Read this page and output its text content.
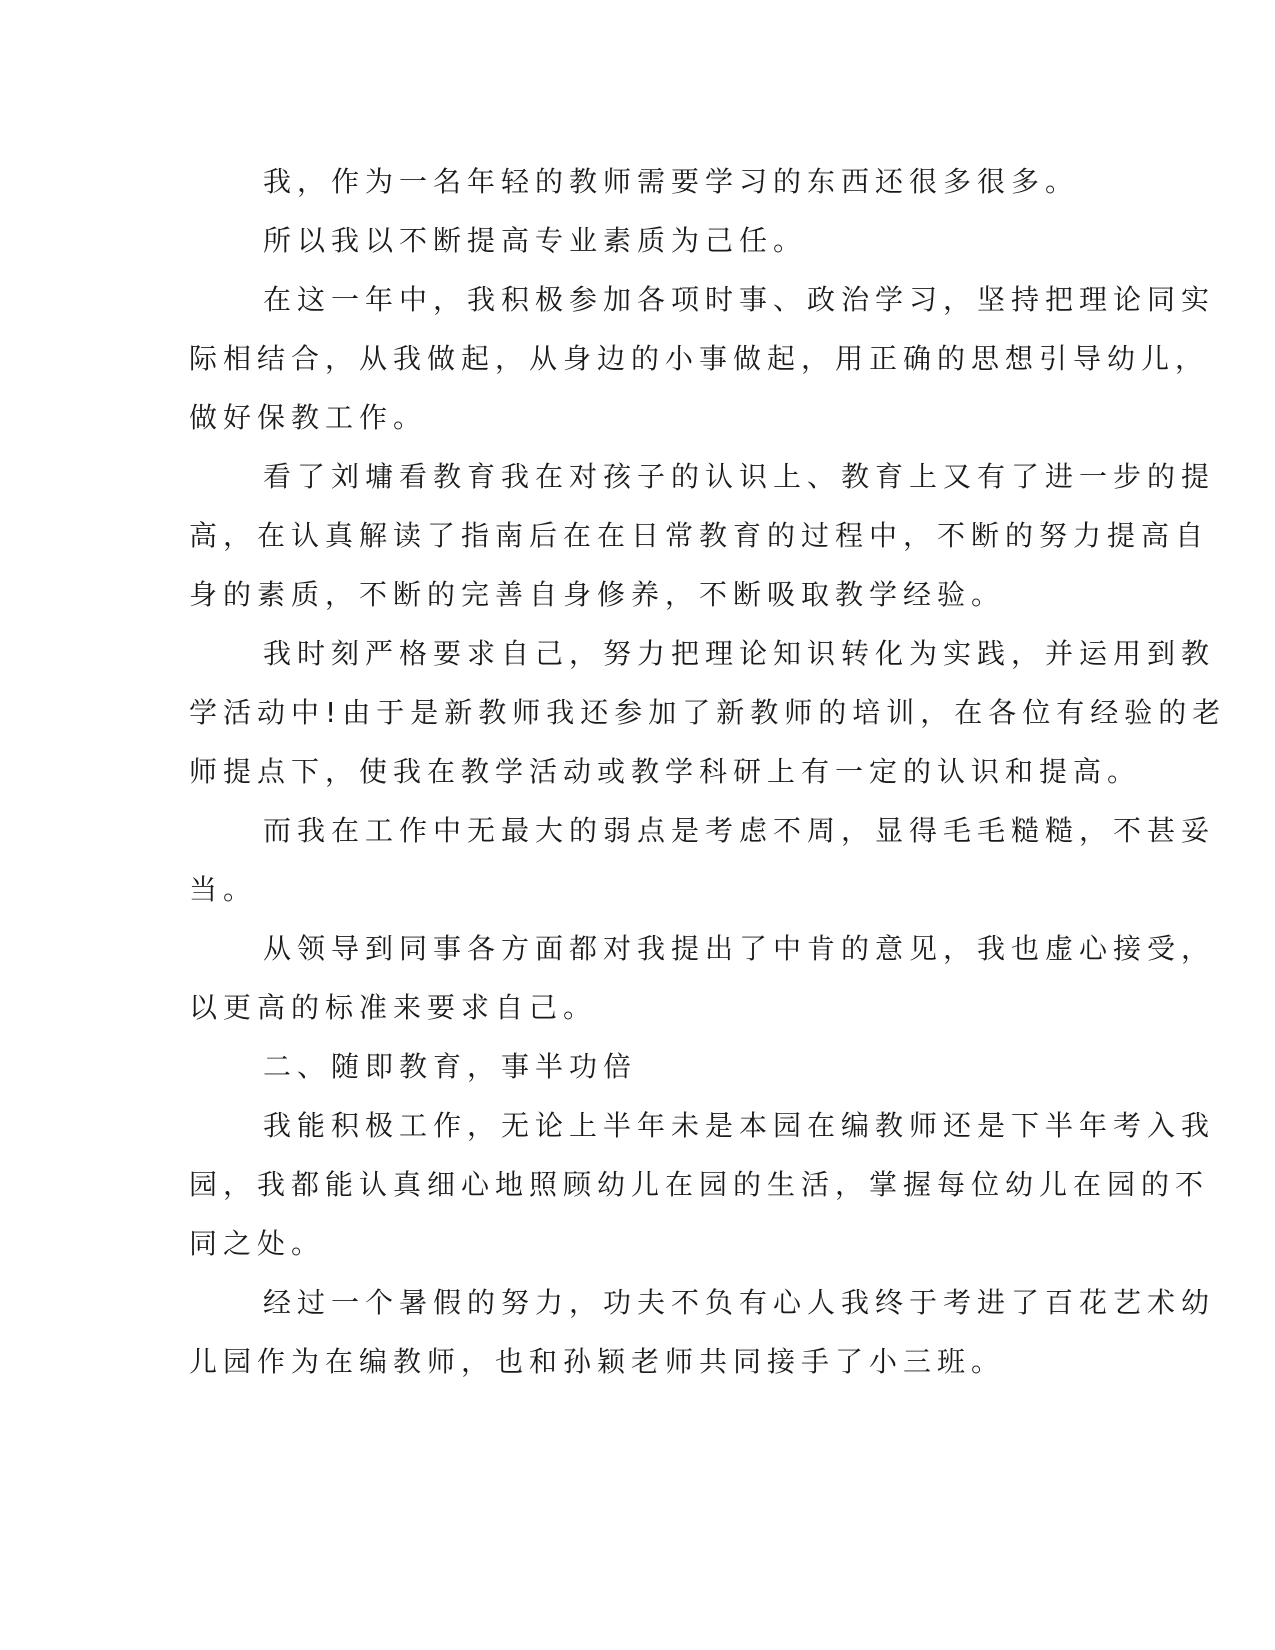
我，作为一名年轻的教师需要学习的东西还很多很多。

所以我以不断提高专业素质为己任。

在这一年中，我积极参加各项时事、政治学习，坚持把理论同实

际相结合，从我做起，从身边的小事做起，用正确的思想引导幼儿，

做好保教工作。

看了刘墉看教育我在对孩子的认识上、教育上又有了进一步的提

高，在认真解读了指南后在在日常教育的过程中，不断的努力提高自

身的素质，不断的完善自身修养，不断吸取教学经验。

我时刻严格要求自己，努力把理论知识转化为实践，并运用到教

学活动中!由于是新教师我还参加了新教师的培训，在各位有经验的老

师提点下，使我在教学活动或教学科研上有一定的认识和提高。

而我在工作中无最大的弱点是考虑不周，显得毛毛糙糙，不甚妥

当。

从领导到同事各方面都对我提出了中肯的意见，我也虚心接受，

以更高的标准来要求自己。

二、随即教育，事半功倍

我能积极工作，无论上半年未是本园在编教师还是下半年考入我

园，我都能认真细心地照顾幼儿在园的生活，掌握每位幼儿在园的不

同之处。

经过一个暑假的努力，功夫不负有心人我终于考进了百花艺术幼

儿园作为在编教师，也和孙颖老师共同接手了小三班。
